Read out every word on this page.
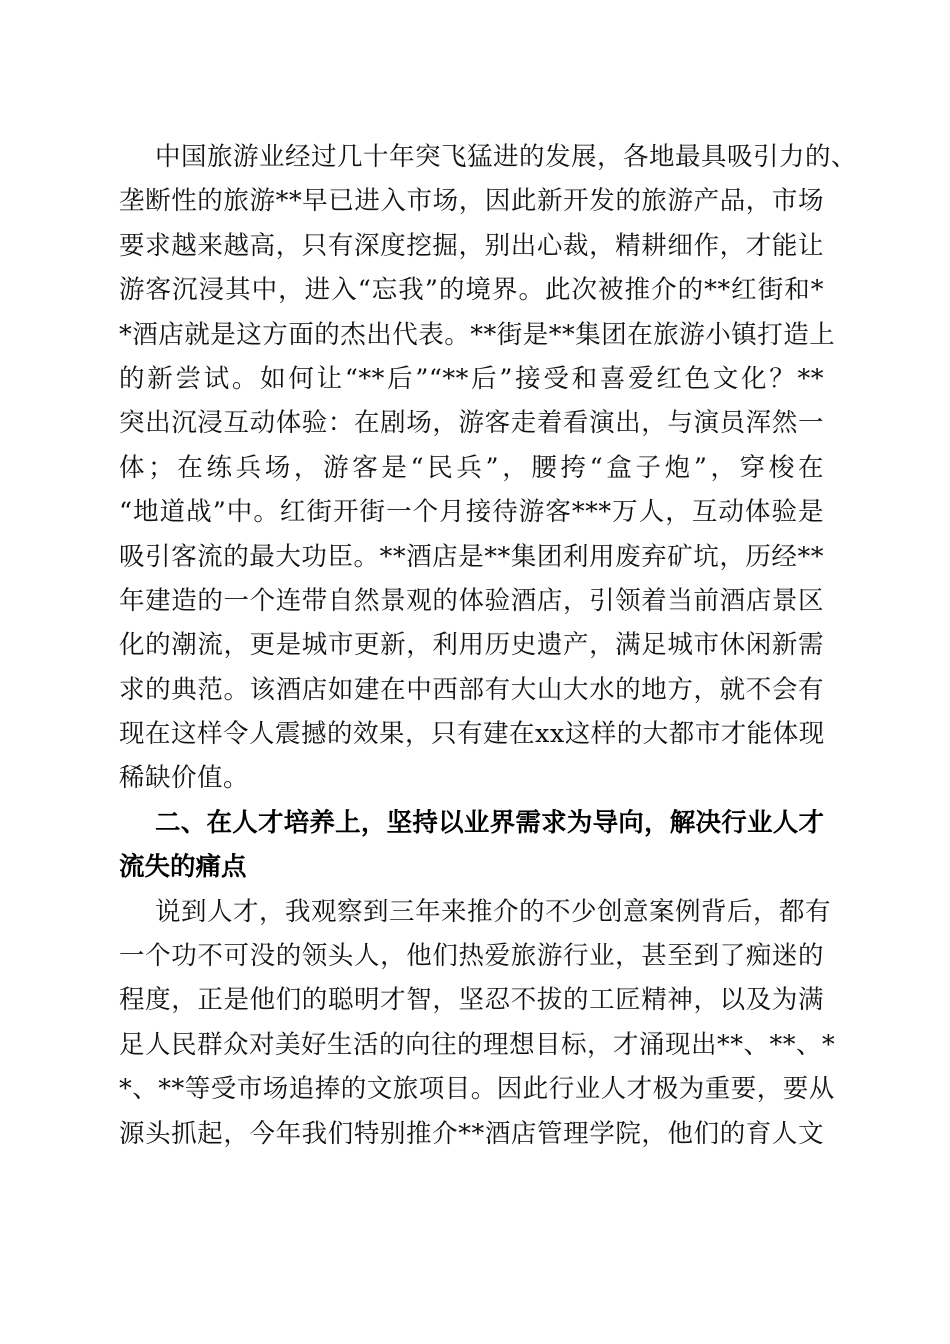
中国旅游业经过几十年突飞猛进的发展，各地最具吸引力的、
垄断性的旅游**早已进入市场，因此新开发的旅游产品，市场
要求越来越高，只有深度挖掘，别出心裁，精耕细作，才能让
游客沉浸其中，进入“忘我”的境界。此次被推介的**红街和*
*酒店就是这方面的杰出代表。**街是**集团在旅游小镇打造上
的新尝试。如何让“**后”“**后”接受和喜爱红色文化？**
突出沉浸互动体验：在剧场，游客走着看演出，与演员浑然一
体；在练兵场，游客是“民兵”，腰挎“盒子炮”，穿梭在
“地道战”中。红街开街一个月接待游客***万人，互动体验是
吸引客流的最大功臣。**酒店是**集团利用废弃矿坑，历经**
年建造的一个连带自然景观的体验酒店，引领着当前酒店景区
化的潮流，更是城市更新，利用历史遗产，满足城市休闲新需
求的典范。该酒店如建在中西部有大山大水的地方，就不会有
现在这样令人震撼的效果，只有建在xx这样的大都市才能体现
稀缺价值。
二、在人才培养上，坚持以业界需求为导向，解决行业人才
流失的痛点
说到人才，我观察到三年来推介的不少创意案例背后，都有
一个功不可没的领头人，他们热爱旅游行业，甚至到了痴迷的
程度，正是他们的聪明才智，坚忍不拔的工匠精神，以及为满
足人民群众对美好生活的向往的理想目标，才涌现出**、**、*
*、**等受市场追捧的文旅项目。因此行业人才极为重要，要从
源头抓起，今年我们特别推介**酒店管理学院，他们的育人文
